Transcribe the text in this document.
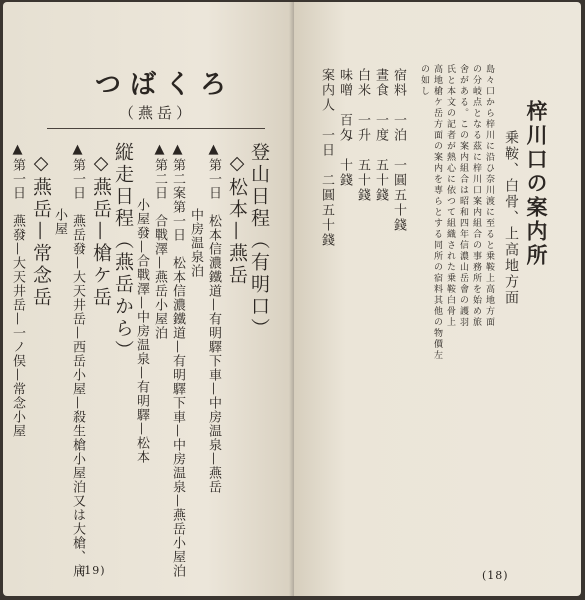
つばくろ
（燕岳）
登山日程（有明口）
◇松本—燕岳
▲第一日　松本信濃鐵道—有明驛下車—中房温泉—燕岳
中房温泉泊
▲第二案第一日　松本信濃鐵道—有明驛下車—中房温泉—燕岳小屋泊
▲第二日　合戰澤—燕岳小屋泊
小屋發—合戰澤—中房温泉—有明驛—松本
縦走日程（燕岳から）
◇燕岳—槍ケ岳
▲第一日　燕岳發—大天井岳—西岳小屋—殺生槍小屋泊又は大槍、肩
小屋
◇燕岳—常念岳
▲第一日　燕發—大天井岳—一ノ俣—常念小屋
(19)
梓川口の案内所
乗鞍、白骨、上高地方面
島々口から梓川に沿ひ奈川渡に至ると乗鞍上高地方面
の分岐点となる茲に梓川口案内組合の事務所を始め旅
舍がある。この案内組合は昭和四年信濃山岳會の護羽
氏と本文の記者が熱心に依つて組織された乗鞍白骨上
高地槍ケ岳方面の案内を専らとする同所の宿料其他の物價左
の如し
宿料　一泊　一圓五十錢
晝食　一度　五十錢
白米　一升　五十錢
味噌　百匁　十錢
案内人　一日　二圓五十錢
(18)
